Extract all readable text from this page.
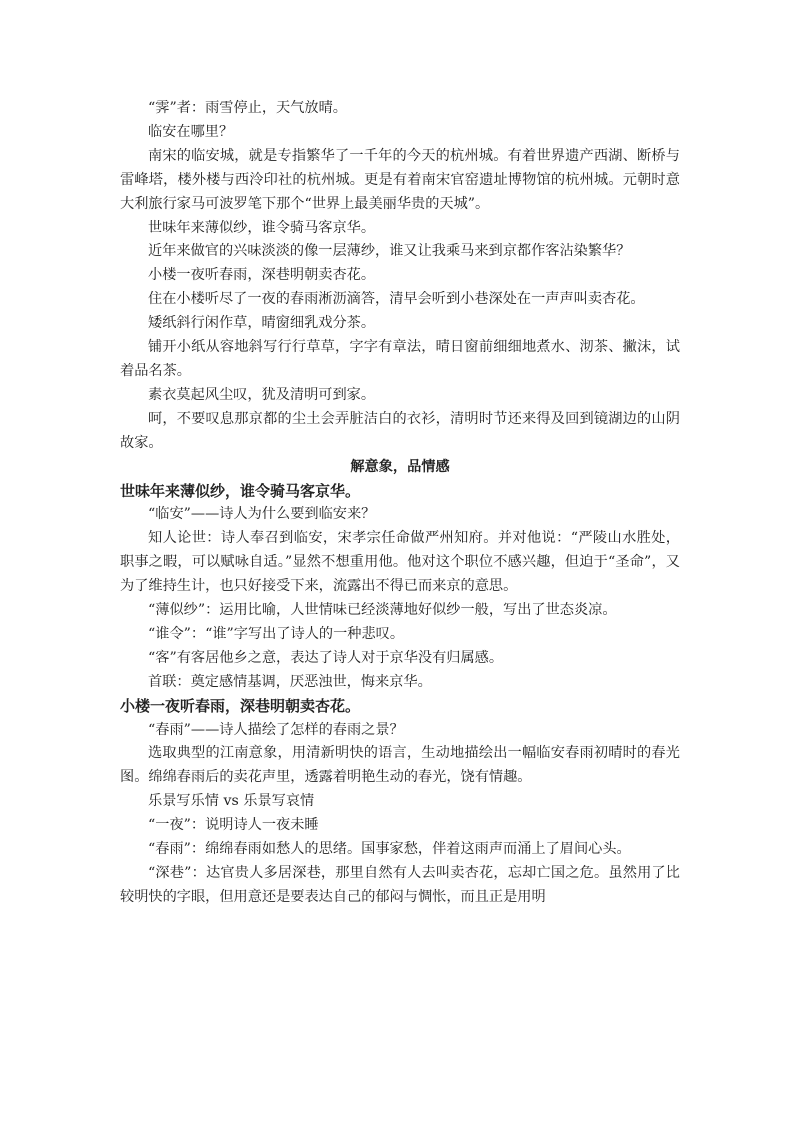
“霁”者：雨雪停止，天气放晴。

临安在哪里？

南宋的临安城，就是专指繁华了一千年的今天的杭州城。有着世界遗产西湖、断桥与雷峰塔，楼外楼与西泠印社的杭州城。更是有着南宋官窑遗址博物馆的杭州城。元朝时意大利旅行家马可波罗笔下那个“世界上最美丽华贵的天城”。

世味年来薄似纱，谁令骑马客京华。

近年来做官的兴味淡淡的像一层薄纱，谁又让我乘马来到京都作客沾染繁华？

小楼一夜听春雨，深巷明朝卖杏花。

住在小楼听尽了一夜的春雨淅沥滴答，清早会听到小巷深处在一声声叫卖杏花。

矮纸斜行闲作草，晴窗细乳戏分茶。

铺开小纸从容地斜写行行草草，字字有章法，晴日窗前细细地煮水、沏茶、撇沫，试着品名茶。

素衣莫起风尘叹，犹及清明可到家。

呵，不要叹息那京都的尘土会弄脏洁白的衣衫，清明时节还来得及回到镜湖边的山阴故家。

解意象，品情感

世味年来薄似纱，谁令骑马客京华。

“临安”——诗人为什么要到临安来？

知人论世：诗人奉召到临安，宋孝宗任命做严州知府。并对他说：“严陵山水胜处，职事之暇，可以赋咏自适。”显然不想重用他。他对这个职位不感兴趣，但迫于“圣命”，又为了维持生计，也只好接受下来，流露出不得已而来京的意思。

“薄似纱”：运用比喻，人世情味已经淡薄地好似纱一般，写出了世态炎凉。

“谁令”：“谁”字写出了诗人的一种悲叹。

“客”有客居他乡之意，表达了诗人对于京华没有归属感。

首联：奠定感情基调，厌恶浊世，悔来京华。

小楼一夜听春雨，深巷明朝卖杏花。

“春雨”——诗人描绘了怎样的春雨之景？

选取典型的江南意象，用清新明快的语言，生动地描绘出一幅临安春雨初晴时的春光图。绵绵春雨后的卖花声里，透露着明艳生动的春光，饶有情趣。

乐景写乐情 vs 乐景写哀情

“一夜”：说明诗人一夜未睡

“春雨”：绵绵春雨如愁人的思绪。国事家愁，伴着这雨声而涌上了眉间心头。

“深巷”：达官贵人多居深巷，那里自然有人去叫卖杏花，忘却亡国之危。虽然用了比较明快的字眼，但用意还是要表达自己的郁闷与惆怅，而且正是用明
